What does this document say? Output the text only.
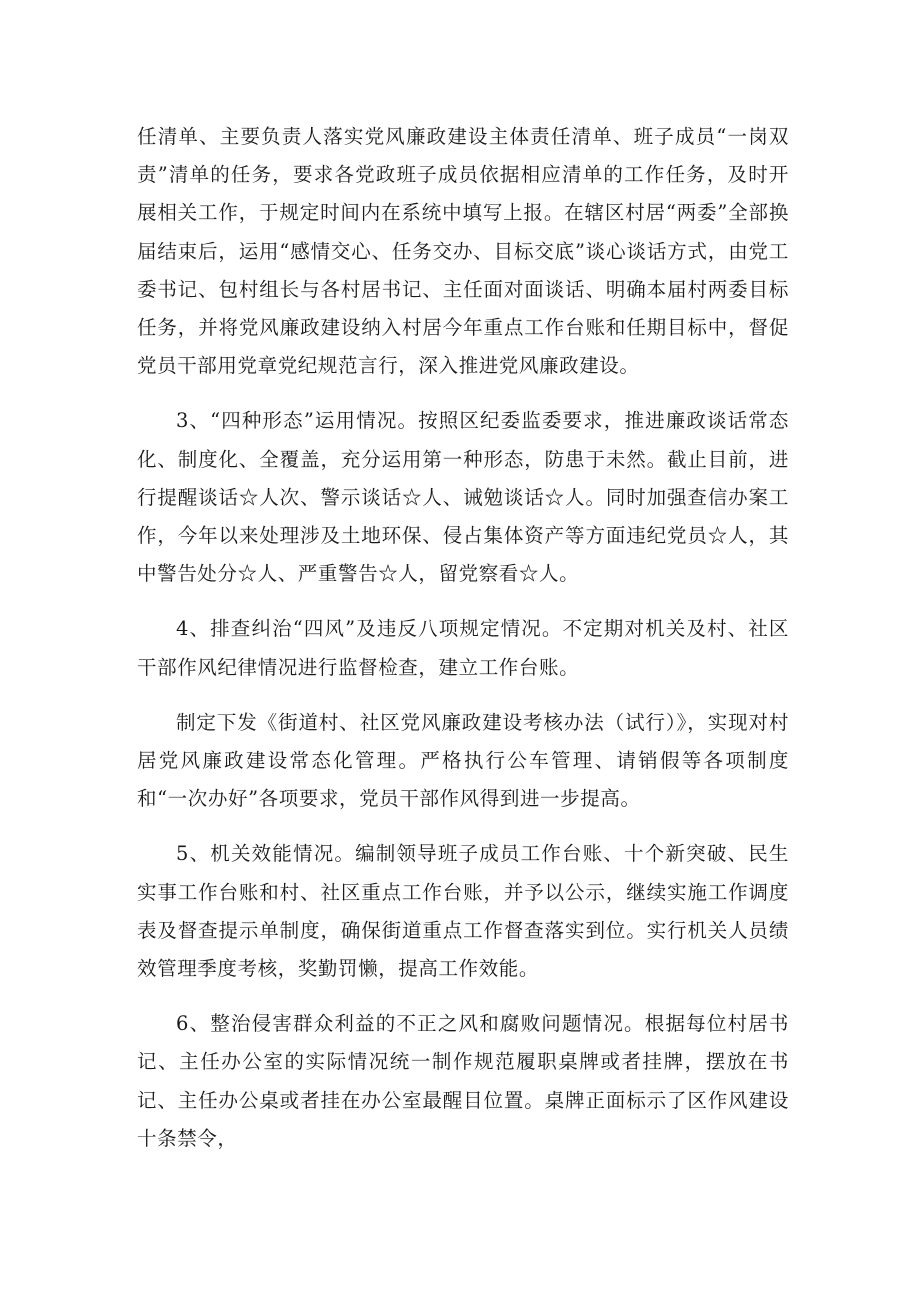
任清单、主要负责人落实党风廉政建设主体责任清单、班子成员“一岗双责”清单的任务，要求各党政班子成员依据相应清单的工作任务，及时开展相关工作，于规定时间内在系统中填写上报。在辖区村居“两委”全部换届结束后，运用“感情交心、任务交办、目标交底”谈心谈话方式，由党工委书记、包村组长与各村居书记、主任面对面谈话、明确本届村两委目标任务，并将党风廉政建设纳入村居今年重点工作台账和任期目标中，督促党员干部用党章党纪规范言行，深入推进党风廉政建设。

3、“四种形态”运用情况。按照区纪委监委要求，推进廉政谈话常态化、制度化、全覆盖，充分运用第一种形态，防患于未然。截止目前，进行提醒谈话☆人次、警示谈话☆人、诫勉谈话☆人。同时加强查信办案工作，今年以来处理涉及土地环保、侵占集体资产等方面违纪党员☆人，其中警告处分☆人、严重警告☆人，留党察看☆人。

4、排查纠治“四风”及违反八项规定情况。不定期对机关及村、社区干部作风纪律情况进行监督检查，建立工作台账。

制定下发《街道村、社区党风廉政建设考核办法（试行）》，实现对村居党风廉政建设常态化管理。严格执行公车管理、请销假等各项制度和“一次办好”各项要求，党员干部作风得到进一步提高。

5、机关效能情况。编制领导班子成员工作台账、十个新突破、民生实事工作台账和村、社区重点工作台账，并予以公示，继续实施工作调度表及督查提示单制度，确保街道重点工作督查落实到位。实行机关人员绩效管理季度考核，奖勤罚懒，提高工作效能。

6、整治侵害群众利益的不正之风和腐败问题情况。根据每位村居书记、主任办公室的实际情况统一制作规范履职桌牌或者挂牌，摆放在书记、主任办公桌或者挂在办公室最醒目位置。桌牌正面标示了区作风建设十条禁令，
